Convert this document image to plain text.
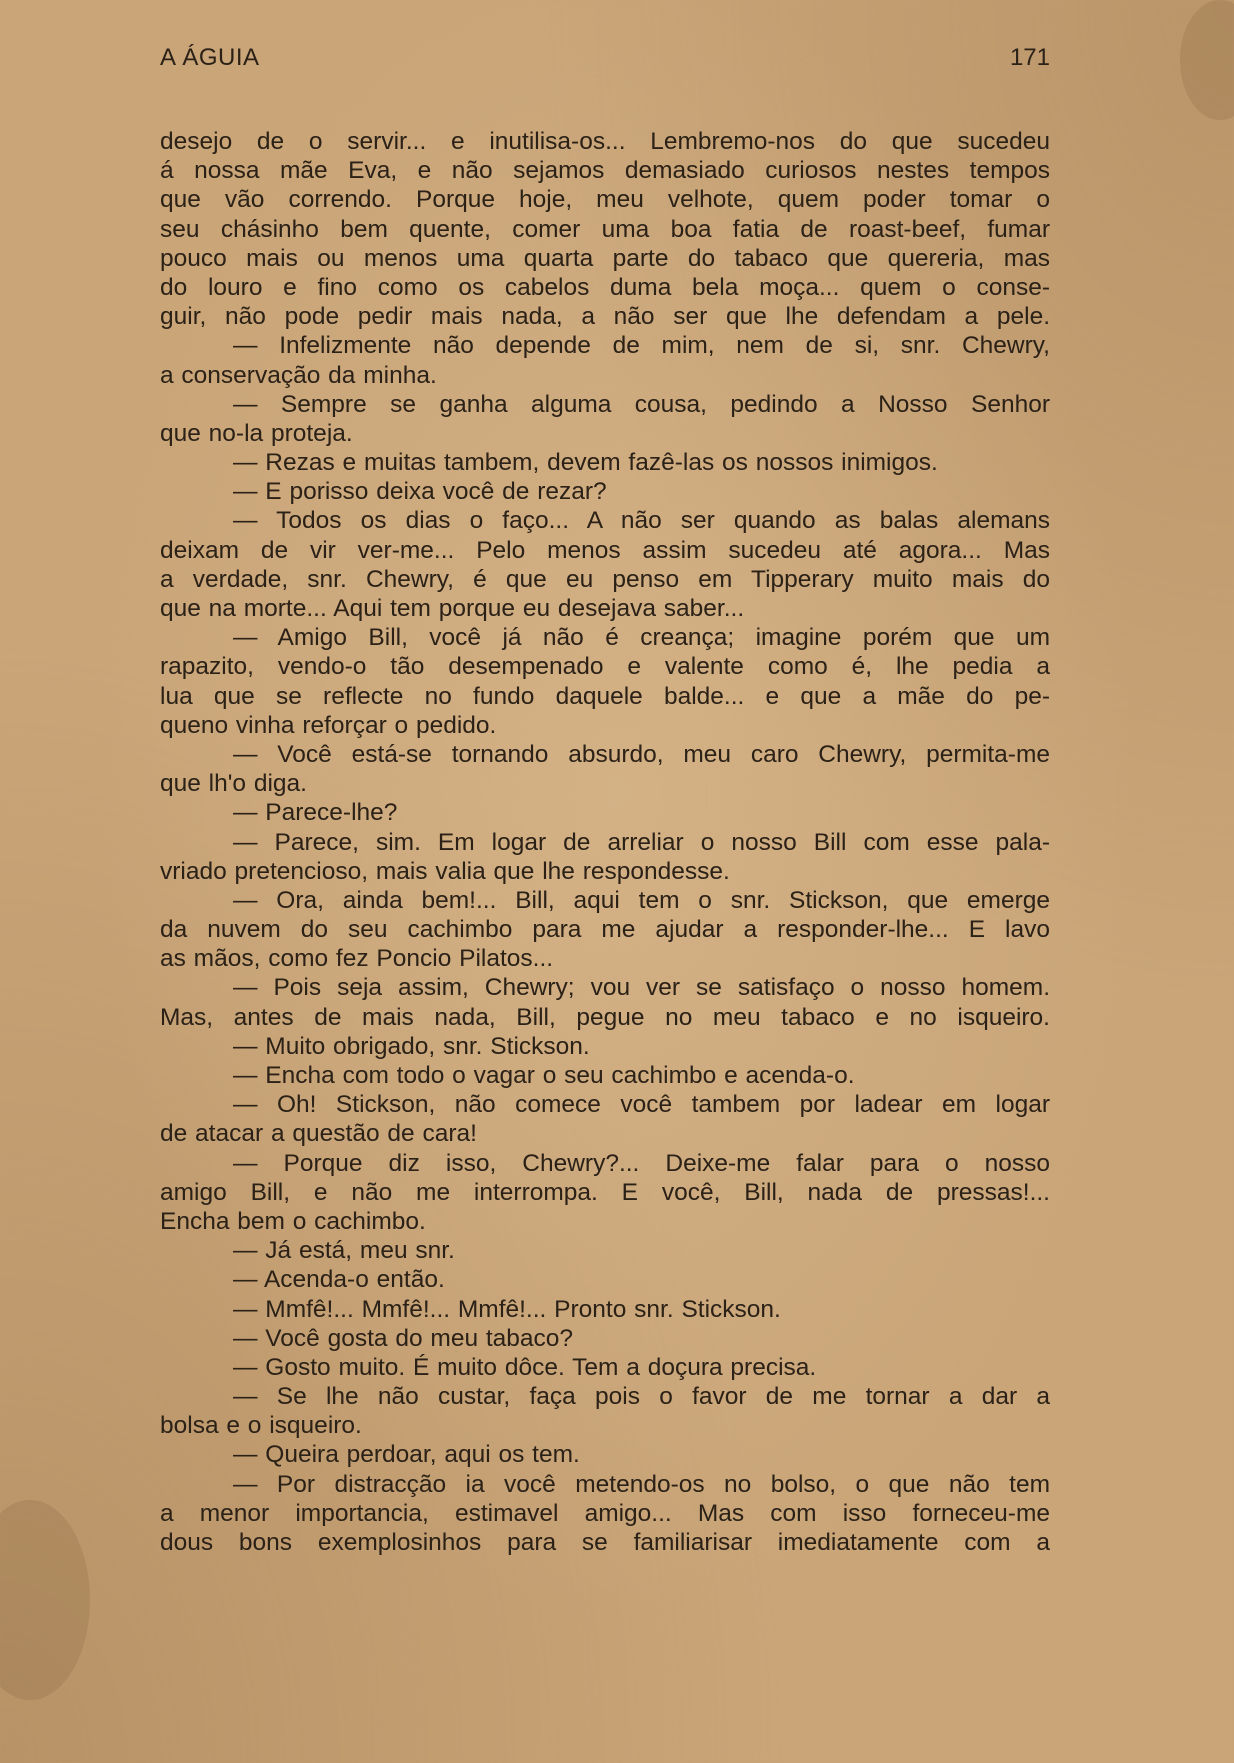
A ÁGUIA	171
desejo de o servir... e inutilisa-os... Lembremo-nos do que sucedeu
á nossa mãe Eva, e não sejamos demasiado curiosos nestes tempos
que vão correndo. Porque hoje, meu velhote, quem poder tomar o
seu chásinho bem quente, comer uma boa fatia de roast-beef, fumar
pouco mais ou menos uma quarta parte do tabaco que quereria, mas
do louro e fino como os cabelos duma bela moça... quem o conse-
guir, não pode pedir mais nada, a não ser que lhe defendam a pele.
— Infelizmente não depende de mim, nem de si, snr. Chewry,
a conservação da minha.
— Sempre se ganha alguma cousa, pedindo a Nosso Senhor
que no-la proteja.
— Rezas e muitas tambem, devem fazê-las os nossos inimigos.
— E porisso deixa você de rezar?
— Todos os dias o faço... A não ser quando as balas alemans
deixam de vir ver-me... Pelo menos assim sucedeu até agora... Mas
a verdade, snr. Chewry, é que eu penso em Tipperary muito mais do
que na morte... Aqui tem porque eu desejava saber...
— Amigo Bill, você já não é creança; imagine porém que um
rapazito, vendo-o tão desempenado e valente como é, lhe pedia a
lua que se reflecte no fundo daquele balde... e que a mãe do pe-
queno vinha reforçar o pedido.
— Você está-se tornando absurdo, meu caro Chewry, permita-me
que lh'o diga.
— Parece-lhe?
— Parece, sim. Em logar de arreliar o nosso Bill com esse pala-
vriado pretencioso, mais valia que lhe respondesse.
— Ora, ainda bem!... Bill, aqui tem o snr. Stickson, que emerge
da nuvem do seu cachimbo para me ajudar a responder-lhe... E lavo
as mãos, como fez Poncio Pilatos...
— Pois seja assim, Chewry; vou ver se satisfaço o nosso homem.
Mas, antes de mais nada, Bill, pegue no meu tabaco e no isqueiro.
— Muito obrigado, snr. Stickson.
— Encha com todo o vagar o seu cachimbo e acenda-o.
— Oh! Stickson, não comece você tambem por ladear em logar
de atacar a questão de cara!
— Porque diz isso, Chewry?... Deixe-me falar para o nosso
amigo Bill, e não me interrompa. E você, Bill, nada de pressas!...
Encha bem o cachimbo.
— Já está, meu snr.
— Acenda-o então.
— Mmfê!... Mmfê!... Mmfê!... Pronto snr. Stickson.
— Você gosta do meu tabaco?
— Gosto muito. É muito dôce. Tem a doçura precisa.
— Se lhe não custar, faça pois o favor de me tornar a dar a
bolsa e o isqueiro.
— Queira perdoar, aqui os tem.
— Por distracção ia você metendo-os no bolso, o que não tem
a menor importancia, estimavel amigo... Mas com isso forneceu-me
dous bons exemplosinhos para se familiarisar imediatamente com a
